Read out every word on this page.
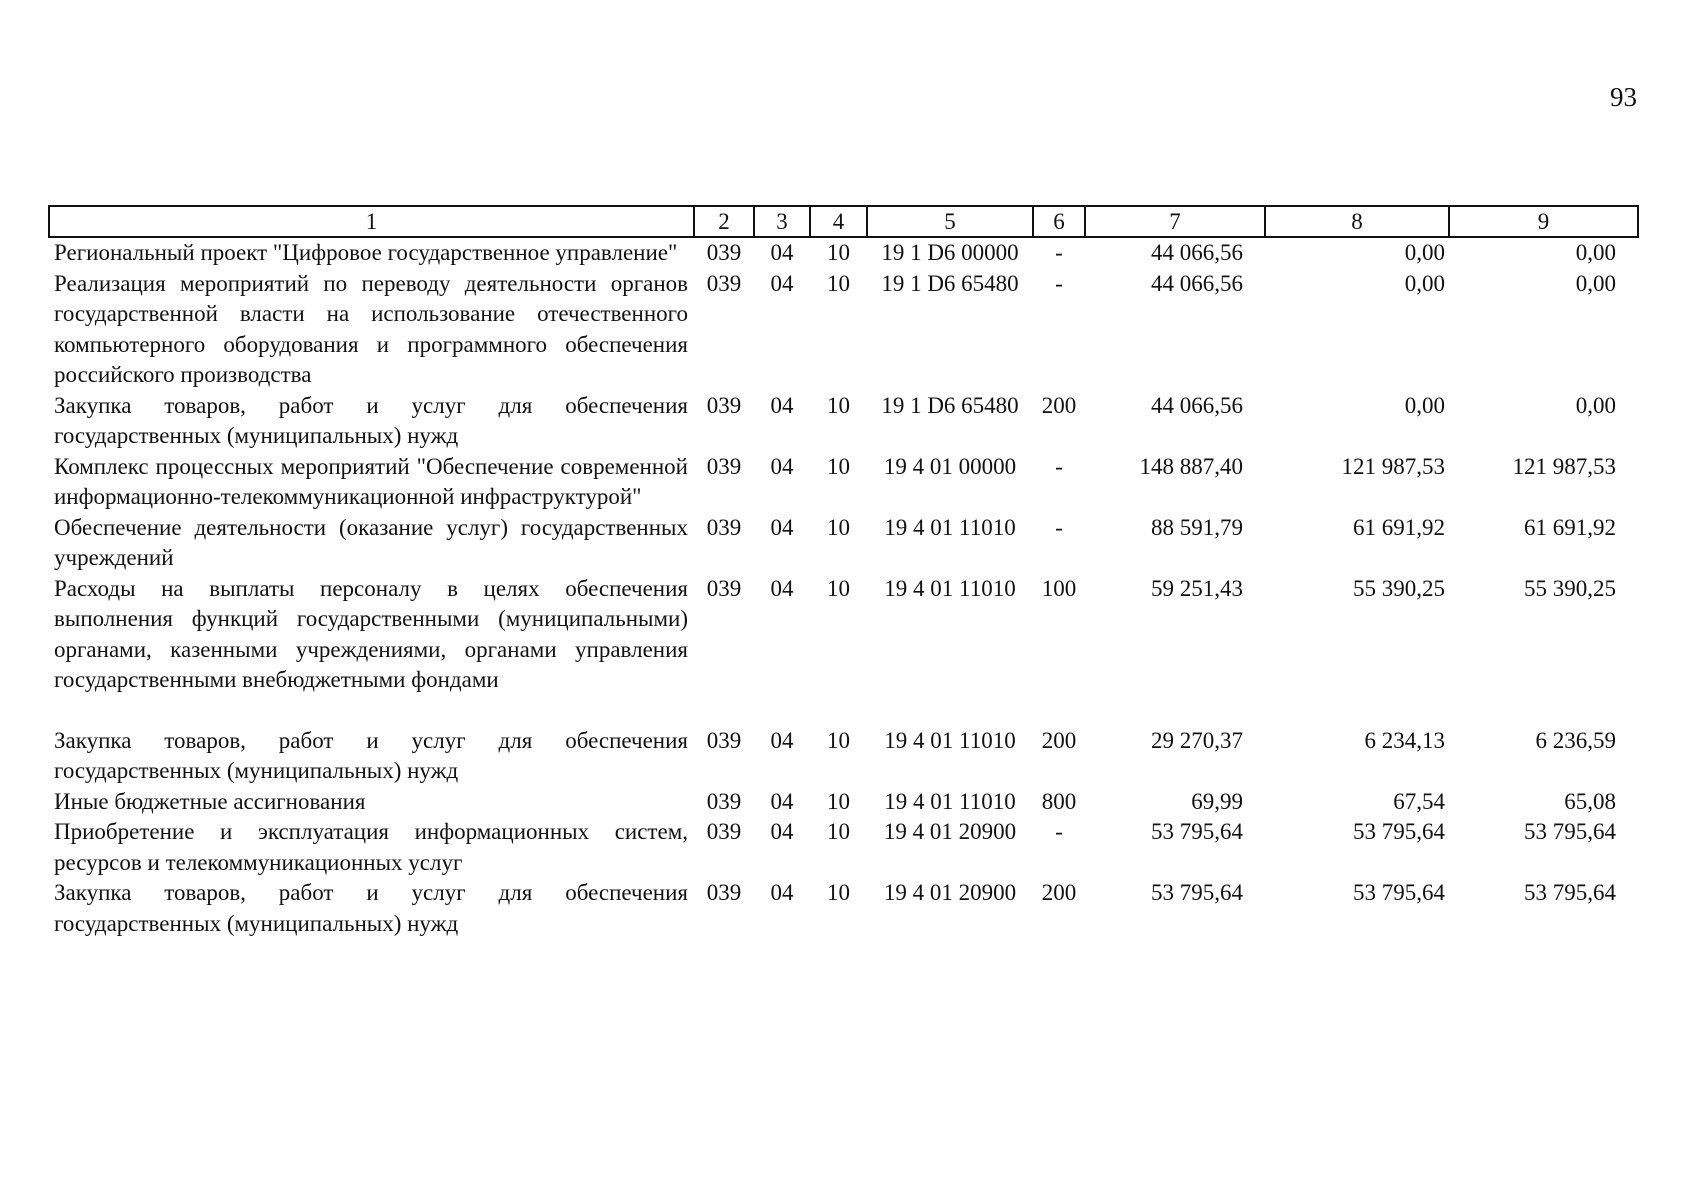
93
1	2	3	4	5	6	7	8	9
Региональный проект "Цифровое государственное управление"	039	04	10	19 1 D6 00000	-	44 066,56	0,00	0,00
Реализация мероприятий по переводу деятельности органов государственной власти на использование отечественного компьютерного оборудования и программного обеспечения российского производства	039	04	10	19 1 D6 65480	-	44 066,56	0,00	0,00
Закупка товаров, работ и услуг для обеспечения государственных (муниципальных) нужд	039	04	10	19 1 D6 65480	200	44 066,56	0,00	0,00
Комплекс процессных мероприятий "Обеспечение современной информационно-телекоммуникационной инфраструктурой"	039	04	10	19 4 01 00000	-	148 887,40	121 987,53	121 987,53
Обеспечение деятельности (оказание услуг) государственных учреждений	039	04	10	19 4 01 11010	-	88 591,79	61 691,92	61 691,92
Расходы на выплаты персоналу в целях обеспечения выполнения функций государственными (муниципальными) органами, казенными учреждениями, органами управления государственными внебюджетными фондами	039	04	10	19 4 01 11010	100	59 251,43	55 390,25	55 390,25

Закупка товаров, работ и услуг для обеспечения государственных (муниципальных) нужд	039	04	10	19 4 01 11010	200	29 270,37	6 234,13	6 236,59
Иные бюджетные ассигнования	039	04	10	19 4 01 11010	800	69,99	67,54	65,08
Приобретение и эксплуатация информационных систем, ресурсов и телекоммуникационных услуг	039	04	10	19 4 01 20900	-	53 795,64	53 795,64	53 795,64
Закупка товаров, работ и услуг для обеспечения государственных (муниципальных) нужд	039	04	10	19 4 01 20900	200	53 795,64	53 795,64	53 795,64
